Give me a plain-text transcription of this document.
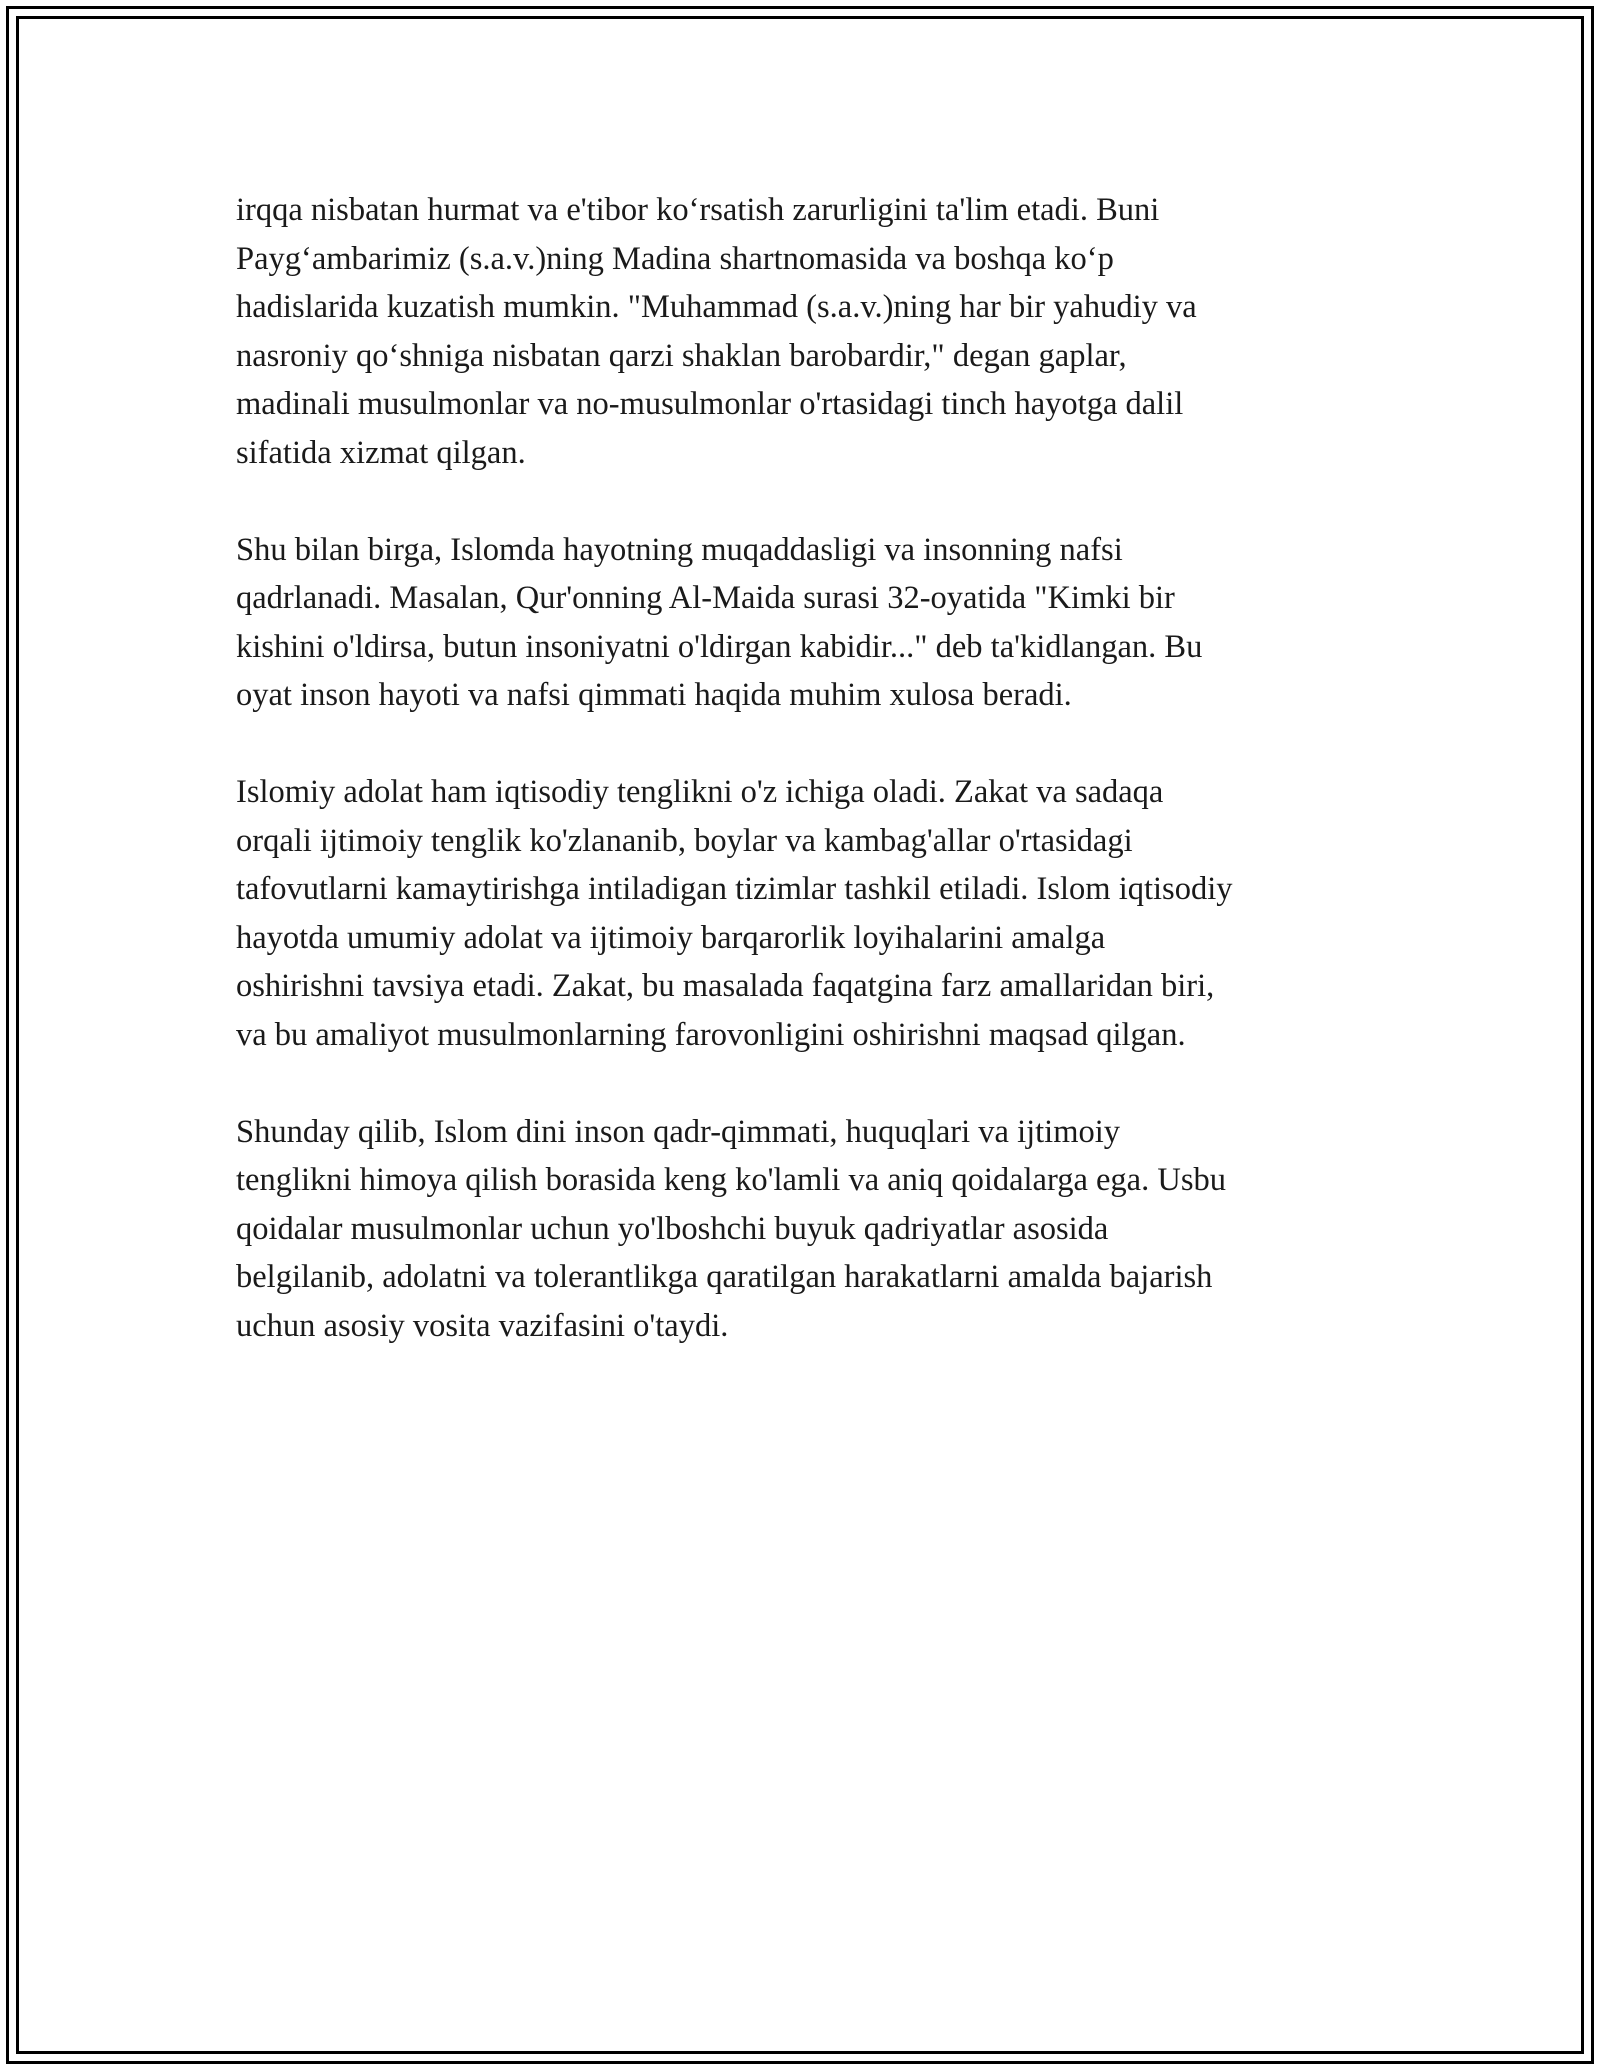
irqqa nisbatan hurmat va e'tibor koʻrsatish zarurligini ta'lim etadi. Buni
Paygʻambarimiz (s.a.v.)ning Madina shartnomasida va boshqa koʻp
hadislarida kuzatish mumkin. "Muhammad (s.a.v.)ning har bir yahudiy va
nasroniy qoʻshniga nisbatan qarzi shaklan barobardir," degan gaplar,
madinali musulmonlar va no-musulmonlar o'rtasidagi tinch hayotga dalil
sifatida xizmat qilgan.

Shu bilan birga, Islomda hayotning muqaddasligi va insonning nafsi
qadrlanadi. Masalan, Qur'onning Al-Maida surasi 32-oyatida "Kimki bir
kishini o'ldirsa, butun insoniyatni o'ldirgan kabidir..." deb ta'kidlangan. Bu
oyat inson hayoti va nafsi qimmati haqida muhim xulosa beradi.

Islomiy adolat ham iqtisodiy tenglikni o'z ichiga oladi. Zakat va sadaqa
orqali ijtimoiy tenglik ko'zlananib, boylar va kambag'allar o'rtasidagi
tafovutlarni kamaytirishga intiladigan tizimlar tashkil etiladi. Islom iqtisodiy
hayotda umumiy adolat va ijtimoiy barqarorlik loyihalarini amalga
oshirishni tavsiya etadi. Zakat, bu masalada faqatgina farz amallaridan biri,
va bu amaliyot musulmonlarning farovonligini oshirishni maqsad qilgan.

Shunday qilib, Islom dini inson qadr-qimmati, huquqlari va ijtimoiy
tenglikni himoya qilish borasida keng ko'lamli va aniq qoidalarga ega. Usbu
qoidalar musulmonlar uchun yo'lboshchi buyuk qadriyatlar asosida
belgilanib, adolatni va tolerantlikga qaratilgan harakatlarni amalda bajarish
uchun asosiy vosita vazifasini o'taydi.
